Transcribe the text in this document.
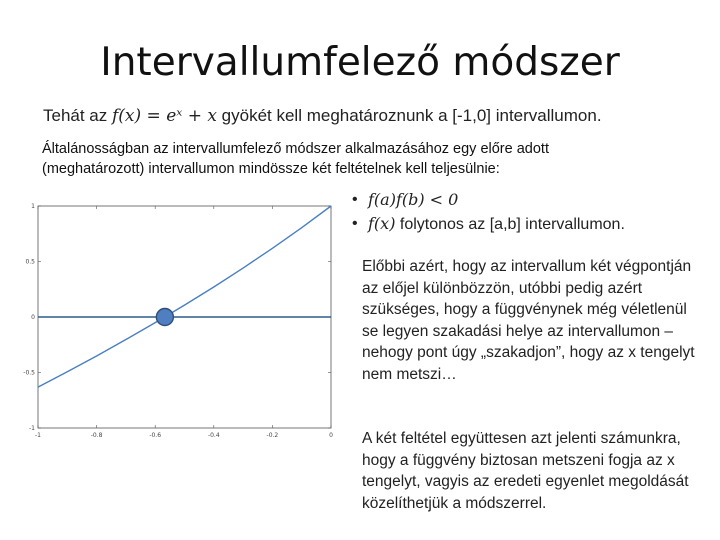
Intervallumfelező módszer
Tehát az f(x) = eˣ + x gyökét kell meghatároznunk a [-1,0] intervallumon.
Általánosságban az intervallumfelező módszer alkalmazásához egy előre adott (meghatározott) intervallumon mindössze két feltételnek kell teljesülnie:
-1	-0.8	-0.6	-0.4	-0.2	0
1
0.5
0
-0.5
-1
• f(a)f(b) < 0
• f(x) folytonos az [a,b] intervallumon.
Előbbi azért, hogy az intervallum két végpontján az előjel különbözzön, utóbbi pedig azért szükséges, hogy a függvénynek még véletlenül se legyen szakadási helye az intervallumon – nehogy pont úgy „szakadjon”, hogy az x tengelyt nem metszi…
A két feltétel együttesen azt jelenti számunkra, hogy a függvény biztosan metszeni fogja az x tengelyt, vagyis az eredeti egyenlet megoldását közelíthetjük a módszerrel.
